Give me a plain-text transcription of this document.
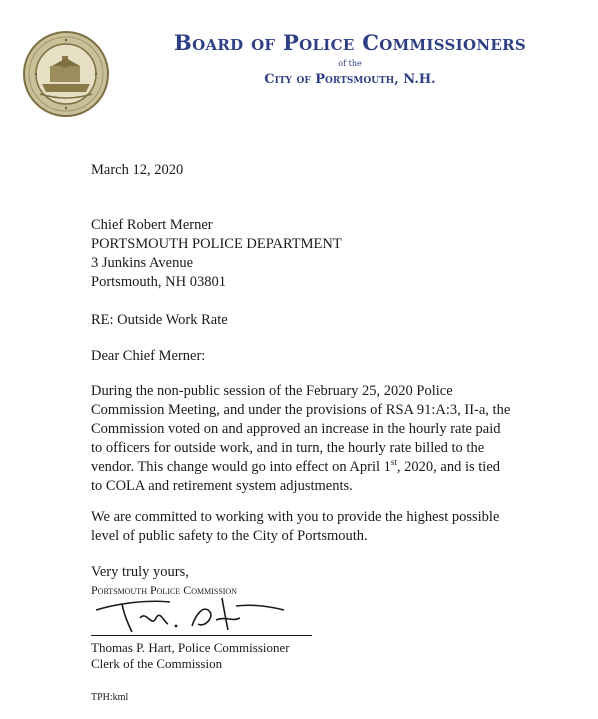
Board of Police Commissioners
of the
City of Portsmouth, N.H.
March 12, 2020
Chief Robert Merner
PORTSMOUTH POLICE DEPARTMENT
3 Junkins Avenue
Portsmouth, NH 03801
RE: Outside Work Rate
Dear Chief Merner:
During the non-public session of the February 25, 2020 Police
Commission Meeting, and under the provisions of RSA 91:A:3, II-a, the
Commission voted on and approved an increase in the hourly rate paid
to officers for outside work, and in turn, the hourly rate billed to the
vendor. This change would go into effect on April 1st, 2020, and is tied
to COLA and retirement system adjustments.
We are committed to working with you to provide the highest possible
level of public safety to the City of Portsmouth.
Very truly yours,
Portsmouth Police Commission
Thomas P. Hart, Police Commissioner
Clerk of the Commission
TPH:kml
